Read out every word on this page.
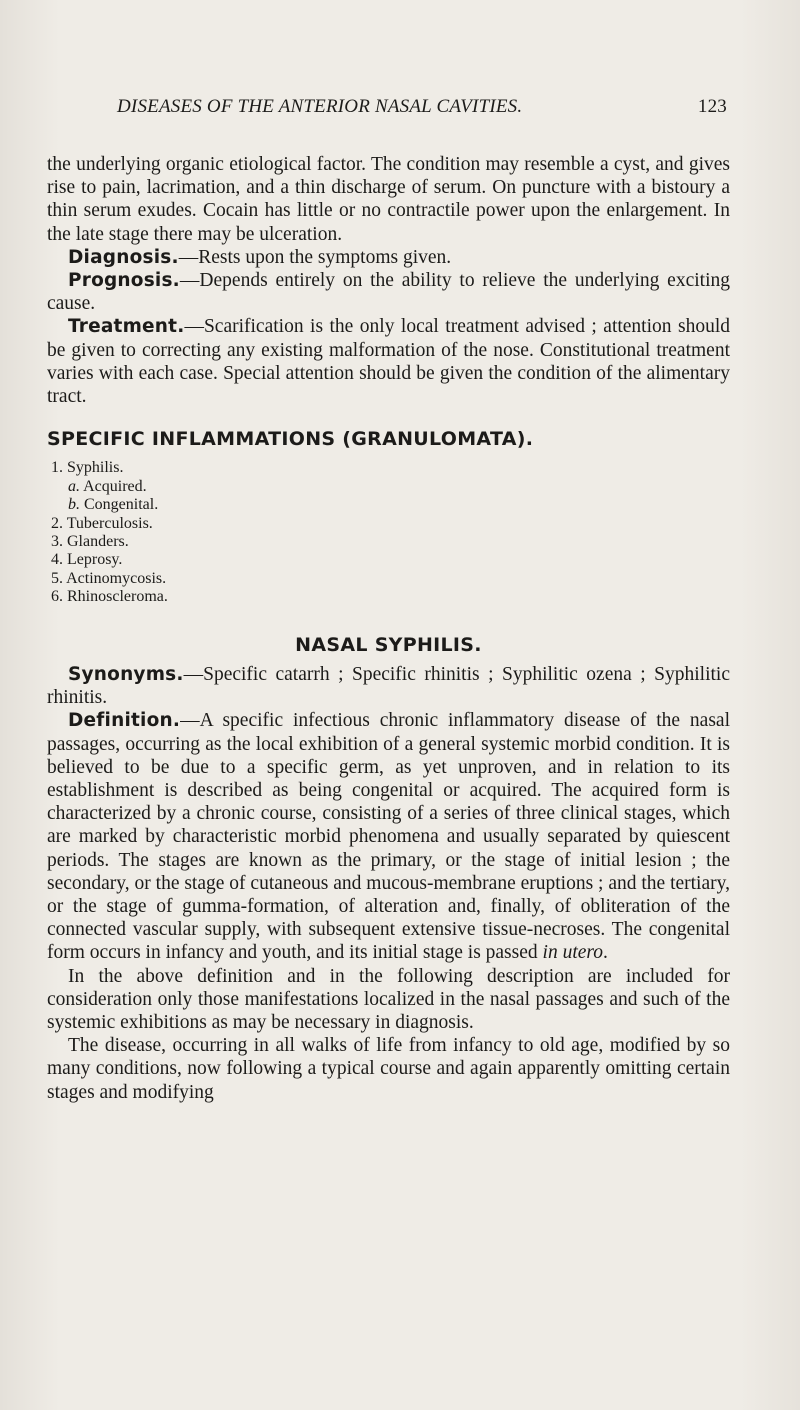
DISEASES OF THE ANTERIOR NASAL CAVITIES.	123

the underlying organic etiological factor. The condition may resemble a cyst, and gives rise to pain, lacrimation, and a thin discharge of serum. On puncture with a bistoury a thin serum exudes. Cocain has little or no contractile power upon the enlargement. In the late stage there may be ulceration.

Diagnosis.—Rests upon the symptoms given.

Prognosis.—Depends entirely on the ability to relieve the underlying exciting cause.

Treatment.—Scarification is the only local treatment advised ; attention should be given to correcting any existing malformation of the nose. Constitutional treatment varies with each case. Special attention should be given the condition of the alimentary tract.

SPECIFIC INFLAMMATIONS (GRANULOMATA).
1. Syphilis.
a. Acquired.
b. Congenital.
2. Tuberculosis.
3. Glanders.
4. Leprosy.
5. Actinomycosis.
6. Rhinoscleroma.
NASAL SYPHILIS.

Synonyms.—Specific catarrh ; Specific rhinitis ; Syphilitic ozena ; Syphilitic rhinitis.

Definition.—A specific infectious chronic inflammatory disease of the nasal passages, occurring as the local exhibition of a general systemic morbid condition. It is believed to be due to a specific germ, as yet unproven, and in relation to its establishment is described as being congenital or acquired. The acquired form is characterized by a chronic course, consisting of a series of three clinical stages, which are marked by characteristic morbid phenomena and usually separated by quiescent periods. The stages are known as the primary, or the stage of initial lesion ; the secondary, or the stage of cutaneous and mucous-membrane eruptions ; and the tertiary, or the stage of gumma-formation, of alteration and, finally, of obliteration of the connected vascular supply, with subsequent extensive tissue-necroses. The congenital form occurs in infancy and youth, and its initial stage is passed in utero.

In the above definition and in the following description are included for consideration only those manifestations localized in the nasal passages and such of the systemic exhibitions as may be necessary in diagnosis.

The disease, occurring in all walks of life from infancy to old age, modified by so many conditions, now following a typical course and again apparently omitting certain stages and modifying
